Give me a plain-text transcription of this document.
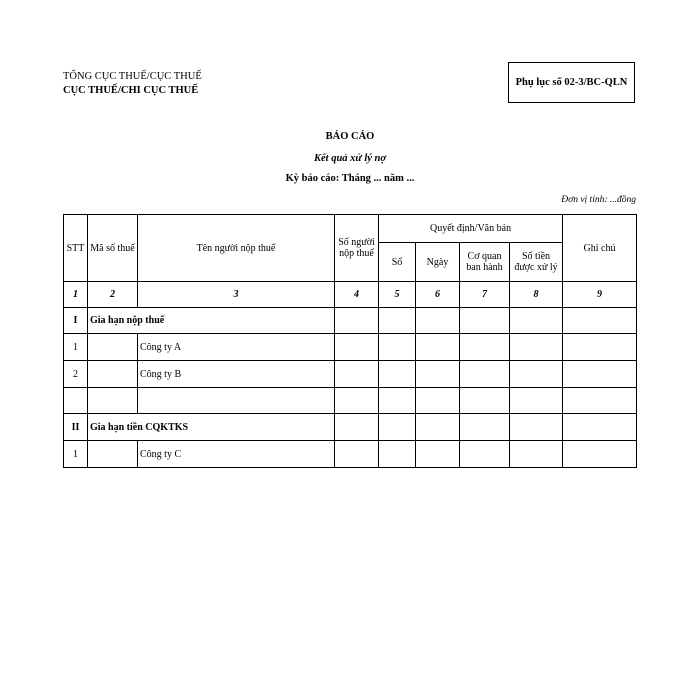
TỔNG CỤC THUẾ/CỤC THUẾ
CỤC THUẾ/CHI CỤC THUẾ
Phụ lục số 02-3/BC-QLN
BÁO CÁO
Kết quả xử lý nợ
Kỳ báo cáo: Tháng ... năm ...
Đơn vị tính: ...đồng
STT	Mã số thuế	Tên người nộp thuế	Số người nộp thuế	Quyết định/Văn bản				Ghi chú
				Số	Ngày	Cơ quan ban hành	Số tiền được xử lý	
1	2	3	4	5	6	7	8	9
I	Gia hạn nộp thuế							
1		Công ty A						
2		Công ty B						

II	Gia hạn tiền CQKTKS							
1		Công ty C						
